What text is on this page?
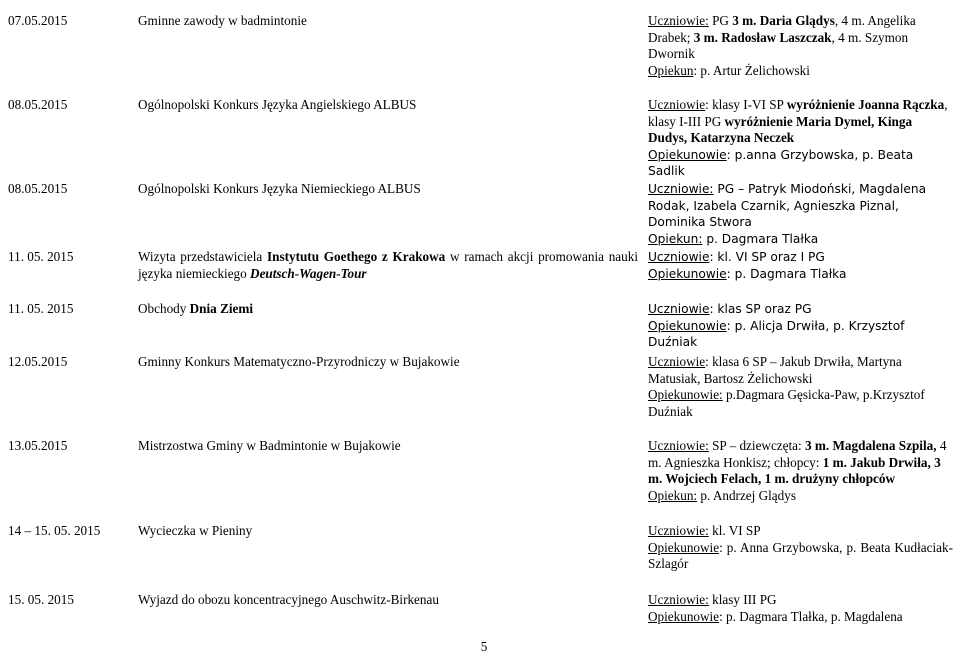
07.05.2015	Gminne zawody w badmintonie	Uczniowie: PG 3 m. Daria Glądys, 4 m. Angelika Drabek; 3 m. Radosław Laszczak, 4 m. Szymon Dwornik
Opiekun: p. Artur Żelichowski
08.05.2015	Ogólnopolski Konkurs Języka Angielskiego ALBUS	Uczniowie: klasy I-VI SP wyróżnienie Joanna Rączka, klasy I-III PG wyróżnienie Maria Dymel, Kinga Dudys, Katarzyna Neczek
Opiekunowie: p.anna Grzybowska, p. Beata Sadlik
08.05.2015	Ogólnopolski Konkurs Języka Niemieckiego ALBUS	Uczniowie: PG – Patryk Miodoński, Magdalena Rodak, Izabela Czarnik, Agnieszka Piznal, Dominika Stwora
Opiekun: p. Dagmara Tlałka
11. 05. 2015	Wizyta przedstawiciela Instytutu Goethego z Krakowa w ramach akcji promowania nauki języka niemieckiego Deutsch-Wagen-Tour
Uczniowie: kl. VI SP oraz I PG
Opiekunowie: p. Dagmara Tlałka
11. 05. 2015	Obchody Dnia Ziemi	Uczniowie: klas SP oraz PG
Opiekunowie: p. Alicja Drwiła, p. Krzysztof Duźniak
12.05.2015	Gminny Konkurs Matematyczno-Przyrodniczy w Bujakowie	Uczniowie: klasa 6 SP – Jakub Drwiła, Martyna Matusiak, Bartosz Żelichowski
Opiekunowie: p.Dagmara Gęsicka-Paw, p.Krzysztof Duźniak
13.05.2015	Mistrzostwa Gminy w Badmintonie w Bujakowie	Uczniowie: SP – dziewczęta: 3 m. Magdalena Szpila, 4 m. Agnieszka Honkisz; chłopcy: 1 m. Jakub Drwiła, 3 m. Wojciech Felach, 1 m. drużyny chłopców
Opiekun: p. Andrzej Glądys
14 – 15. 05. 2015	Wycieczka w Pieniny	Uczniowie: kl. VI SP
Opiekunowie: p. Anna Grzybowska, p. Beata Kudłaciak-Szlagór
15. 05. 2015	Wyjazd do obozu koncentracyjnego Auschwitz-Birkenau	Uczniowie: klasy III PG
Opiekunowie: p. Dagmara Tlałka, p. Magdalena
5
